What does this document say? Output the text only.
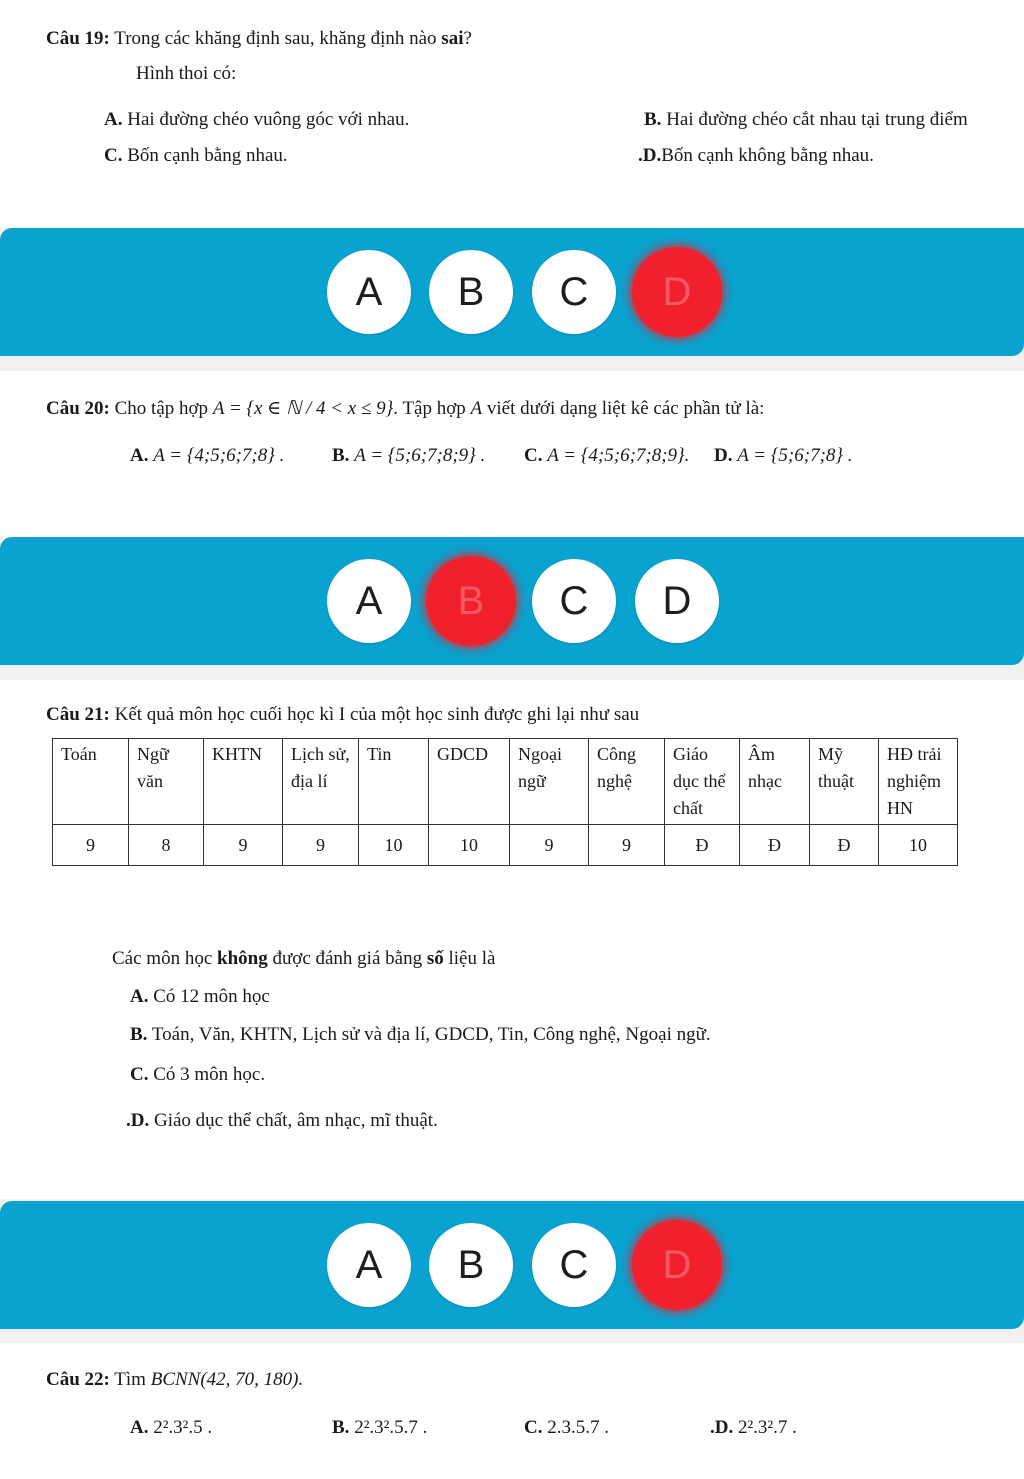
Câu 19: Trong các khăng định sau, khăng định nào sai?
Hình thoi có:
A. Hai đường chéo vuông góc với nhau.	B. Hai đường chéo cắt nhau tại trung điểm
C. Bốn cạnh bằng nhau.	.D.Bốn cạnh không bằng nhau.
A	B	C	D
Câu 20: Cho tập hợp A = {x ∈ ℕ / 4 < x ≤ 9}. Tập hợp A viết dưới dạng liệt kê các phần tử là:
A. A = {4;5;6;7;8} .	B. A = {5;6;7;8;9} . C. A = {4;5;6;7;8;9}. D. A = {5;6;7;8} .
A	B	C	D
Câu 21: Kết quả môn học cuối học kì I của một học sinh được ghi lại như sau
Toán	Ngữ văn	KHTN	Lịch sử, địa lí	Tin	GDCD	Ngoại ngữ	Công nghệ	Giáo dục thể chất	Âm nhạc	Mỹ thuật	HĐ trải nghiệm HN
9	8	9	9	10	10	9	9	Đ	Đ	Đ	10
Các môn học không được đánh giá bằng số liệu là
A. Có 12 môn học
B. Toán, Văn, KHTN, Lịch sử và địa lí, GDCD, Tin, Công nghệ, Ngoại ngữ.
C. Có 3 môn học.
.D. Giáo dục thể chất, âm nhạc, mĩ thuật.
A	B	C	D
Câu 22: Tìm BCNN(42, 70, 180).
A. 2².3².5 .	B. 2².3².5.7 .	C. 2.3.5.7 .	.D. 2².3².7 .
